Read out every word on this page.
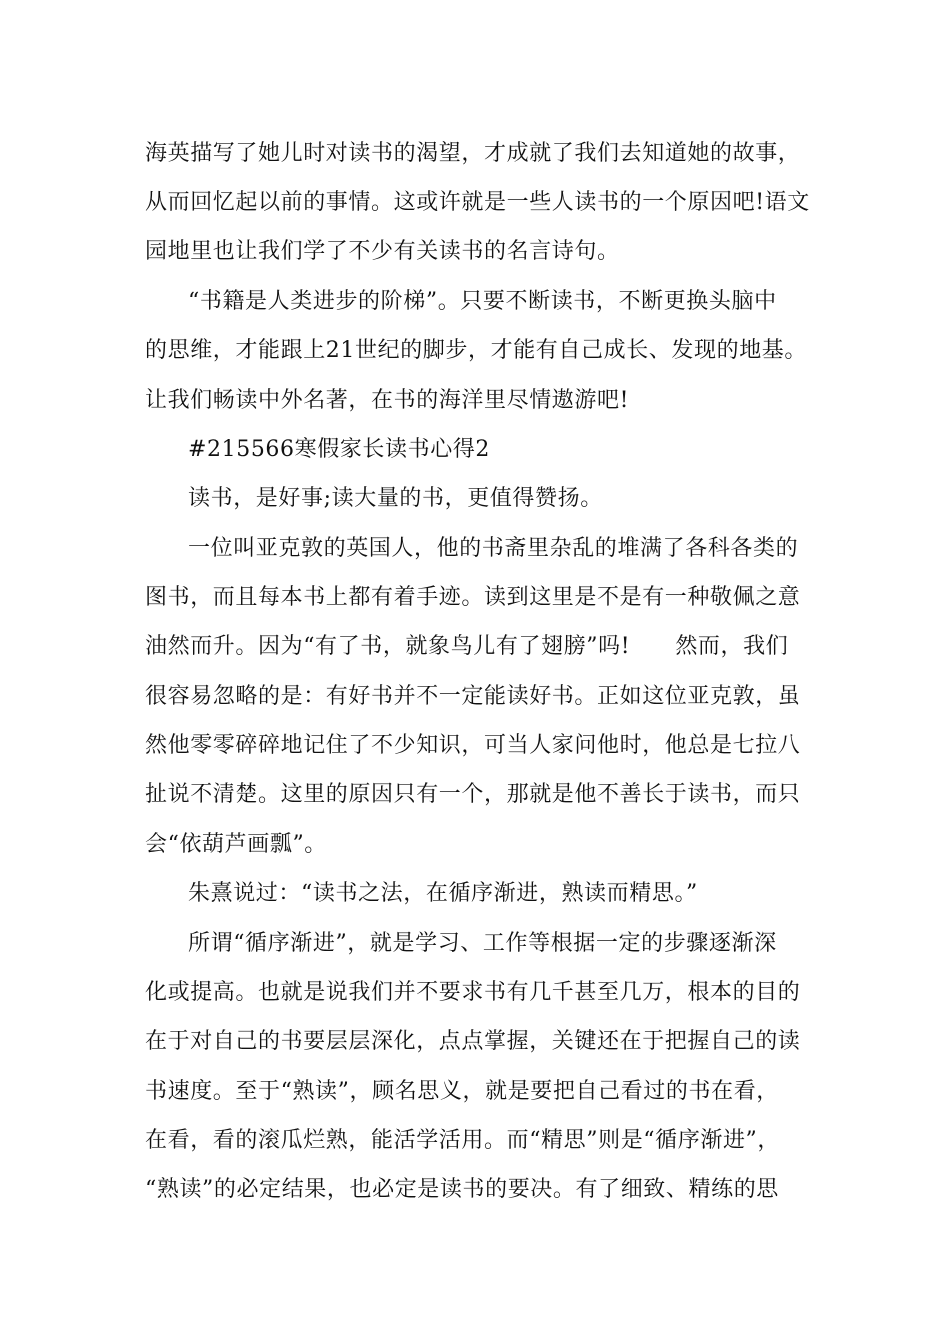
海英描写了她儿时对读书的渴望，才成就了我们去知道她的故事，
从而回忆起以前的事情。这或许就是一些人读书的一个原因吧!语文
园地里也让我们学了不少有关读书的名言诗句。
“书籍是人类进步的阶梯”。只要不断读书，不断更换头脑中
的思维，才能跟上21世纪的脚步，才能有自己成长、发现的地基。
让我们畅读中外名著，在书的海洋里尽情遨游吧!
#215566寒假家长读书心得2
读书，是好事;读大量的书，更值得赞扬。
一位叫亚克敦的英国人，他的书斋里杂乱的堆满了各科各类的
图书，而且每本书上都有着手迹。读到这里是不是有一种敬佩之意
油然而升。因为“有了书，就象鸟儿有了翅膀”吗!　　然而，我们
很容易忽略的是：有好书并不一定能读好书。正如这位亚克敦，虽
然他零零碎碎地记住了不少知识，可当人家问他时，他总是七拉八
扯说不清楚。这里的原因只有一个，那就是他不善长于读书，而只
会“依葫芦画瓢”。
朱熹说过：“读书之法，在循序渐进，熟读而精思。”
所谓“循序渐进”，就是学习、工作等根据一定的步骤逐渐深
化或提高。也就是说我们并不要求书有几千甚至几万，根本的目的
在于对自己的书要层层深化，点点掌握，关键还在于把握自己的读
书速度。至于“熟读”，顾名思义，就是要把自己看过的书在看，
在看，看的滚瓜烂熟，能活学活用。而“精思”则是“循序渐进”，
“熟读”的必定结果，也必定是读书的要决。有了细致、精练的思
